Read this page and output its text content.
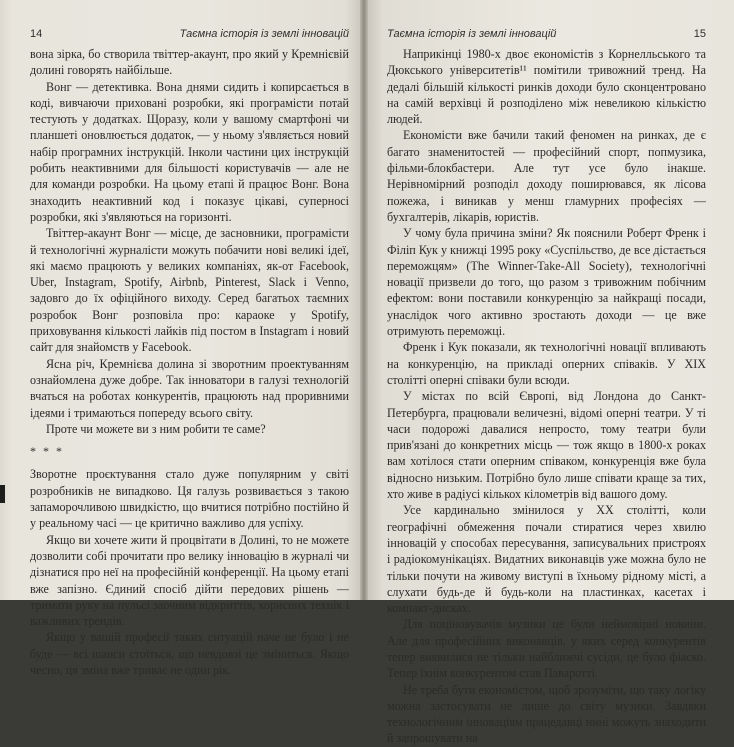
14	Таємна історія із землі інновацій

вона зірка, бо створила твіттер-акаунт, про який у Кремнієвій долині говорять найбільше.

Вонг — детективка. Вона днями сидить і копирсається в коді, вивчаючи приховані розробки, які програмісти потай тестують у додатках. Щоразу, коли у вашому смартфоні чи планшеті оновлюється додаток, — у ньому з'являється новий набір програмних інструкцій. Інколи частини цих інструкцій робить неактивними для більшості користувачів — але не для команди розробки. На цьому етапі й працює Вонг. Вона знаходить неактивний код і показує цікаві, суперноcі розробки, які з'являються на горизонті.

Твіттер-акаунт Вонг — місце, де засновники, програмісти й технологічні журналісти можуть побачити нові великі ідеї, які маємо працюють у великих компаніях, як-от Facebook, Uber, Instagram, Spotify, Airbnb, Pinterest, Slack і Venno, задовго до їх офіційного виходу. Серед багатьох таємних розробок Вонг розповіла про: караоке у Spotify, приховування кількості лайків під постом в Instagram і новий сайт для знайомств у Facebook.

Ясна річ, Кремнієва долина зі зворотним проектуванням ознайомлена дуже добре. Так інноватори в галузі технологій вчаться на роботах конкурентів, працюють над проривними ідеями і тримаються попереду всього світу.

Проте чи можете ви з ним робити те саме?

* * *

Зворотне проєктування стало дуже популярним у світі розробників не випадково. Ця галузь розвивається з такою запаморочливою швидкістю, що вчитися потрібно постійно й у реальному часі — це критично важливо для успіху.

Якщо ви хочете жити й процвітати в Долині, то не можете дозволити собі прочитати про велику інновацію в журналі чи дізнатися про неї на професійній конференції. На цьому етапі вже запізно. Єдиний спосіб дійти передових рішень — тримати руку на пульсі заочним відкриттів, корисних технік і важливих трендів.

Якщо у вашій професії таких ситуацій наче не було і не буде — всі шанси стоїться, що невдовзі це зміниться. Якщо чесно, ця зміна вже триває не один рік.

Таємна історія із землі інновацій	15

Наприкінці 1980-х двоє економістів з Корнелльського та Дюкського університетів¹¹ помітили тривожний тренд. На дедалі більшій кількості ринків доходи було сконцентровано на самій верхівці й розподілено між невеликою кількістю людей.

Економісти вже бачили такий феномен на ринках, де є багато знаменитостей — професійний спорт, попмузика, фільми-блокбастери. Але тут усе було інакше. Нерівномірний розподіл доходу поширювався, як лісова пожежа, і виникав у менш гламурних професіях — бухгалтерів, лікарів, юристів.

У чому була причина зміни? Як пояснили Роберт Френк і Філіп Кук у книжці 1995 року «Суспільство, де все дістається переможцям» (The Winner-Take-All Society), технологічні новації призвели до того, що разом з тривожним побічним ефектом: вони поставили конкуренцію за найкращі посади, унаслідок чого активно зростають доходи — це вже отримують переможці.

Френк і Кук показали, як технологічні новації впливають на конкуренцію, на прикладі оперних співаків. У XIX столітті оперні співаки були всюди.

У містах по всій Європі, від Лондона до Санкт-Петербурга, працювали величезні, відомі оперні театри. У ті часи подорожі давалися непросто, тому театри були прив'язані до конкретних місць — тож якщо в 1800-х роках вам хотілося стати оперним співаком, конкуренція вже була відносно низьким. Потрібно було лише співати краще за тих, хто живе в радіусі кількох кілометрів від вашого дому.

Усе кардинально змінилося у XX столітті, коли географічні обмеження почали стиратися через хвилю інновацій у способах пересування, записувальних пристроях і радіокомунікаціях. Видатних виконавців уже можна було не тільки почути на живому виступі в їхньому рідному місті, а слухати будь-де й будь-коли на пластинках, касетах і компакт-дисках.

Для поціновувачів музики це були неймовірні новини. Але для професійних виконавців, у яких серед конкурентів тепер виявилися не тільки найближчі сусіди, це було фіаско. Тепер їхнім конкурентом став Паваротті.

Не треба бути економістом, щоб зрозуміти, що таку логіку можна застосувати не лише до світу музики. Завдяки технологічним інноваціям працедавці нині можуть знаходити й запрошувати на
